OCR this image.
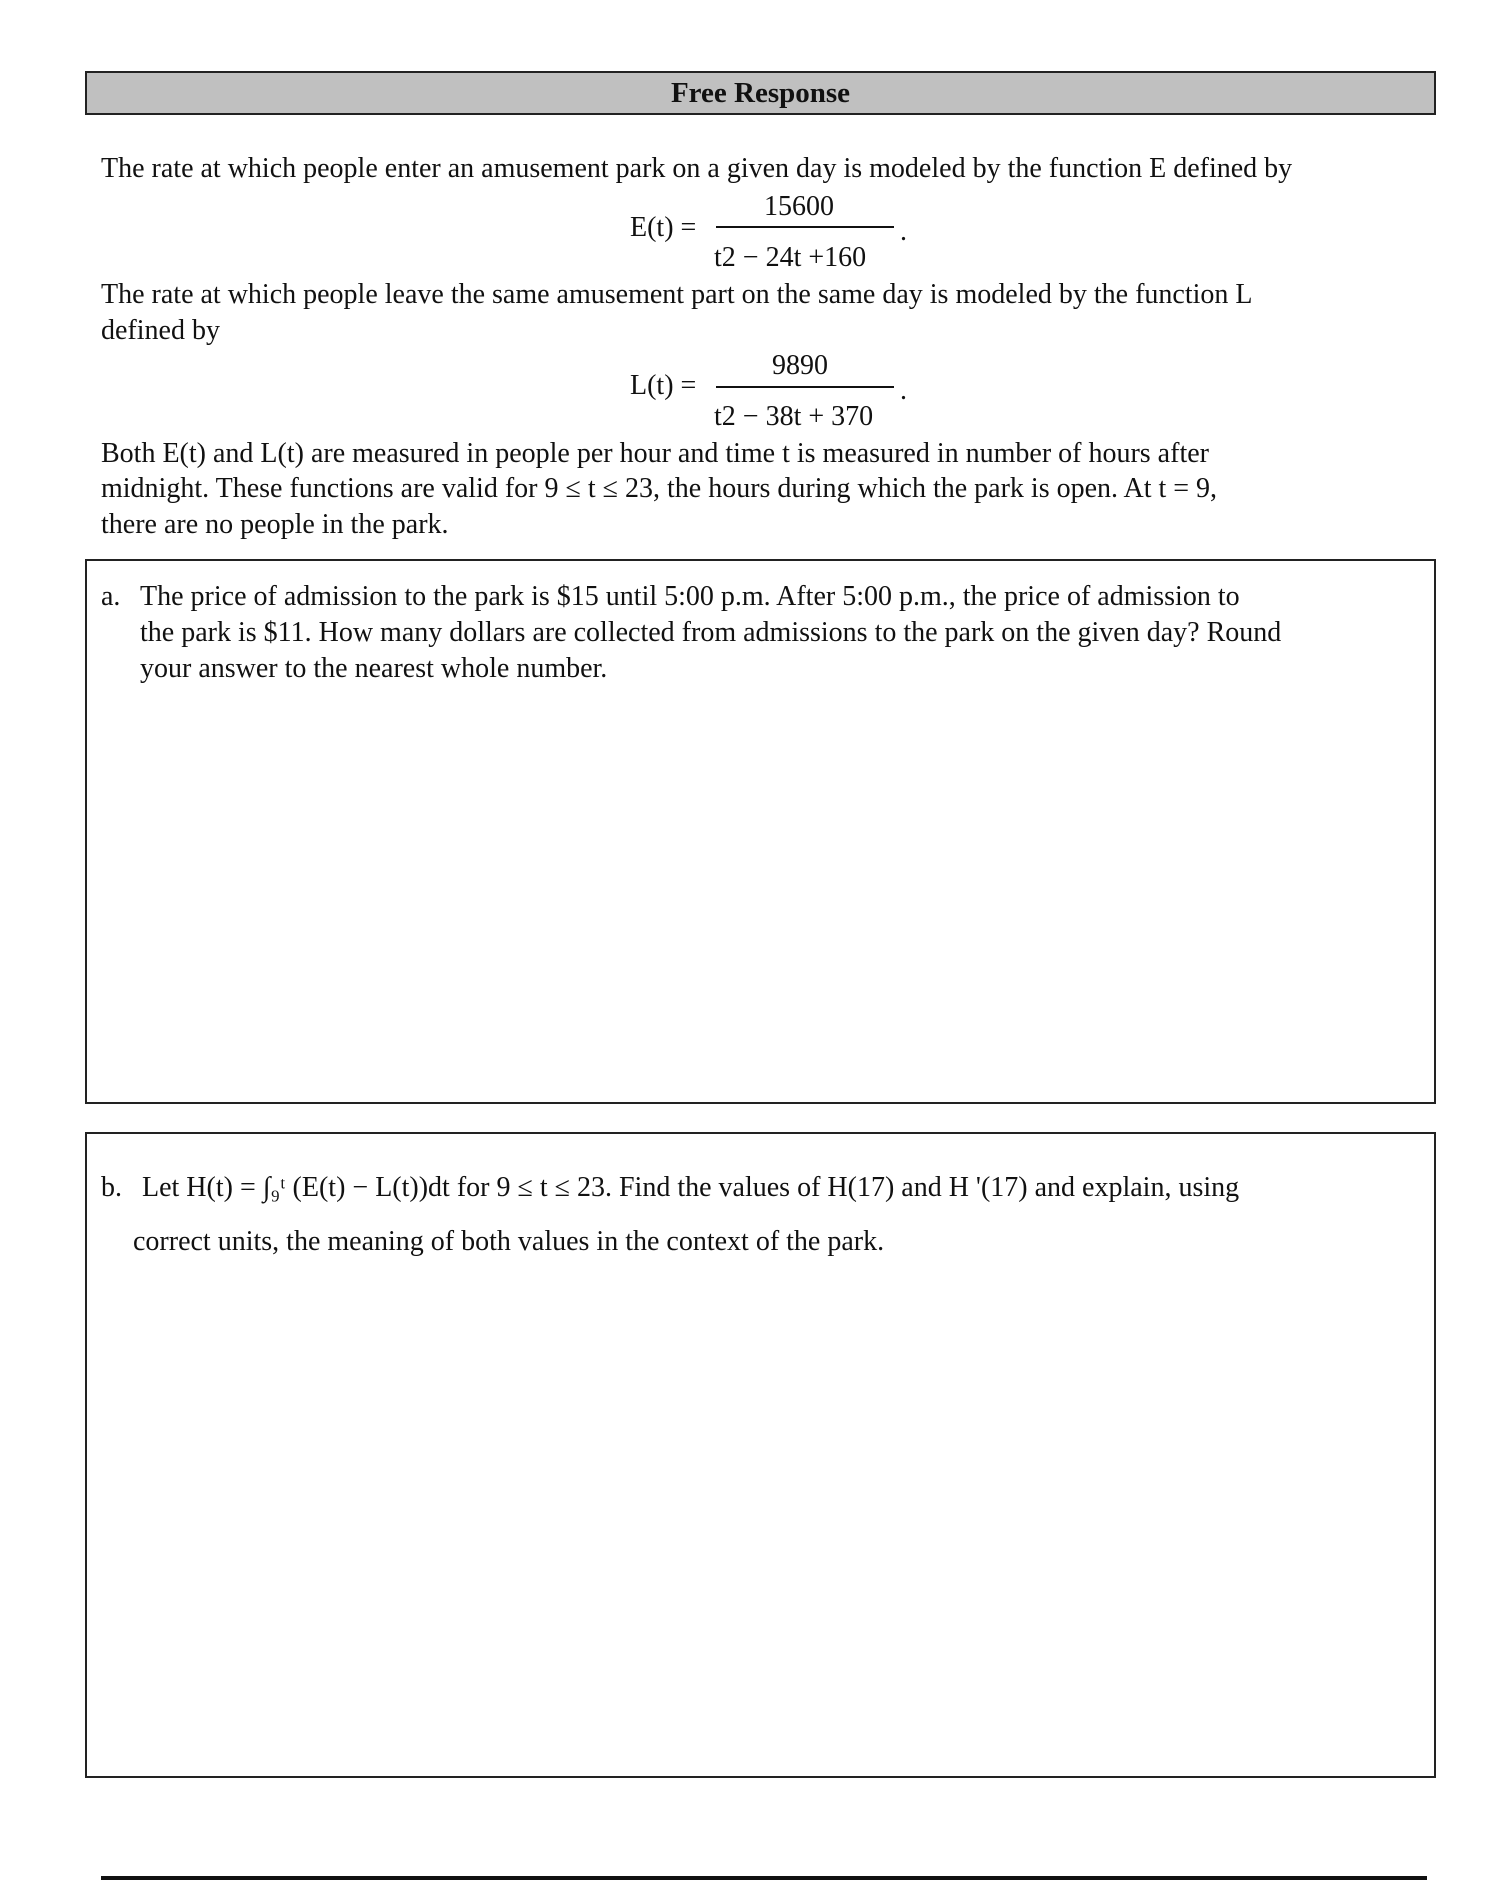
Free Response
The rate at which people enter an amusement park on a given day is modeled by the function E defined by
E(t) =
15600
t2 − 24t +160
.
The rate at which people leave the same amusement part on the same day is modeled by the function L
defined by
L(t) =
9890
t2 − 38t + 370
.
Both E(t) and L(t) are measured in people per hour and time t is measured in number of hours after
midnight. These functions are valid for 9 ≤ t ≤ 23, the hours during which the park is open. At t = 9,
there are no people in the park.
a. The price of admission to the park is $15 until 5:00 p.m. After 5:00 p.m., the price of admission to
the park is $11. How many dollars are collected from admissions to the park on the given day? Round
your answer to the nearest whole number.
b. Let H(t) = ∫₉ᵗ (E(t) − L(t))dt for 9 ≤ t ≤ 23. Find the values of H(17) and H '(17) and explain, using
correct units, the meaning of both values in the context of the park.
